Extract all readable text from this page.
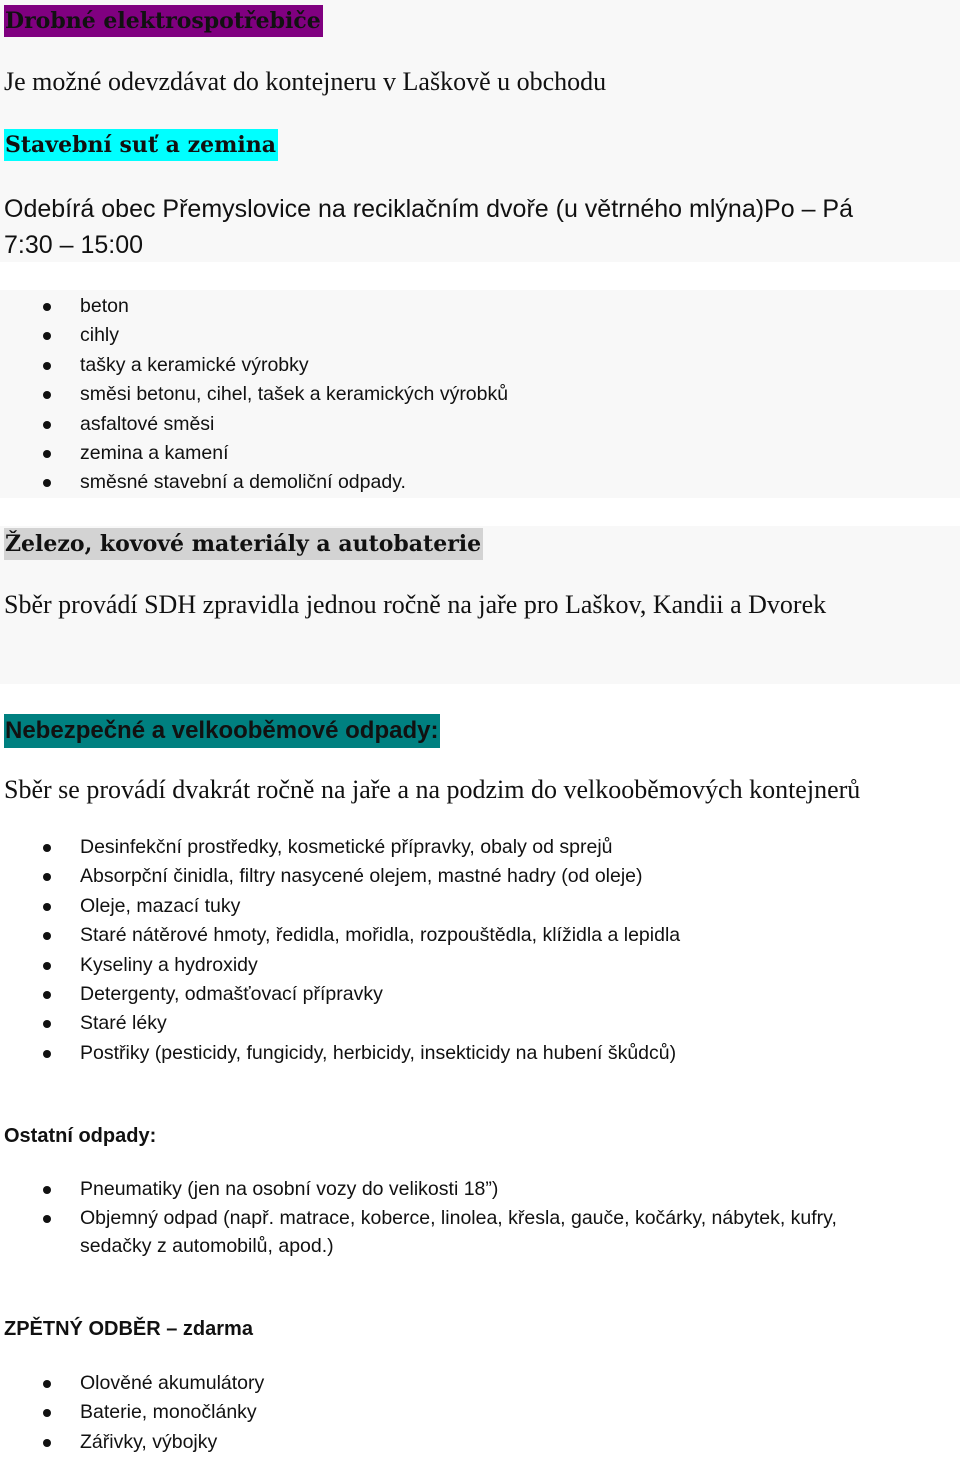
Drobné elektrospotřebiče
Je možné odevzdávat do kontejneru v Laškově u obchodu
Stavební suť a zemina
Odebírá obec Přemyslovice na reciklačním dvoře (u větrného mlýna)Po – Pá
7:30 – 15:00
beton
cihly
tašky a keramické výrobky
směsi betonu, cihel, tašek a keramických výrobků
asfaltové směsi
zemina a kamení
směsné stavební a demoliční odpady.
Železo, kovové materiály a autobaterie
Sběr provádí SDH zpravidla jednou ročně na jaře pro Laškov, Kandii a Dvorek
Nebezpečné a velkooběmové odpady:
Sběr se provádí dvakrát ročně na jaře a na podzim do velkooběmových kontejnerů
Desinfekční prostředky, kosmetické přípravky, obaly od sprejů
Absorpční činidla, filtry nasycené olejem, mastné hadry (od oleje)
Oleje, mazací tuky
Staré nátěrové hmoty, ředidla, mořidla, rozpouštědla, klížidla a lepidla
Kyseliny a hydroxidy
Detergenty, odmašťovací přípravky
Staré léky
Postřiky (pesticidy, fungicidy, herbicidy, insekticidy na hubení škůdců)
Ostatní odpady:
Pneumatiky (jen na osobní vozy do velikosti 18”)
Objemný odpad (např. matrace, koberce, linolea, křesla, gauče, kočárky, nábytek, kufry, sedačky z automobilů, apod.)
ZPĚTNÝ ODBĚR – zdarma
Olověné akumulátory
Baterie, monočlánky
Zářivky, výbojky
